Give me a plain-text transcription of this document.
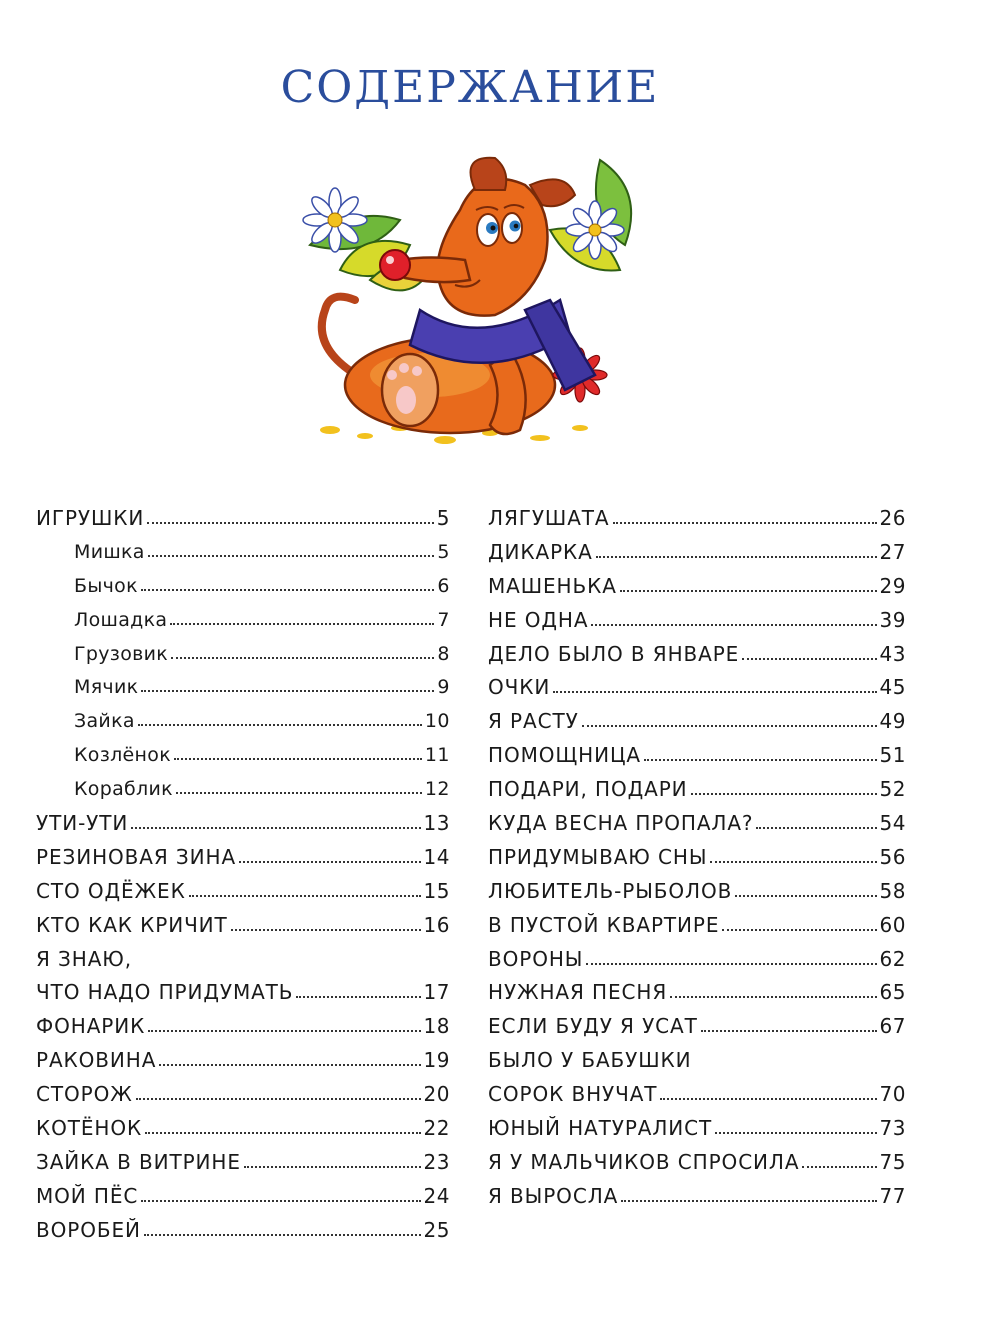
СОДЕРЖАНИЕ
ИГРУШКИ	5
Мишка	5
Бычок	6
Лошадка	7
Грузовик	8
Мячик	9
Зайка	10
Козлёнок	11
Кораблик	12
УТИ-УТИ	13
РЕЗИНОВАЯ ЗИНА	14
СТО ОДЁЖЕК	15
КТО КАК КРИЧИТ	16
Я ЗНАЮ,
ЧТО НАДО ПРИДУМАТЬ	17
ФОНАРИК	18
РАКОВИНА	19
СТОРОЖ	20
КОТЁНОК	22
ЗАЙКА В ВИТРИНЕ	23
МОЙ ПЁС	24
ВОРОБЕЙ	25
ЛЯГУШАТА	26
ДИКАРКА	27
МАШЕНЬКА	29
НЕ ОДНА	39
ДЕЛО БЫЛО В ЯНВАРЕ	43
ОЧКИ	45
Я РАСТУ	49
ПОМОЩНИЦА	51
ПОДАРИ, ПОДАРИ	52
КУДА ВЕСНА ПРОПАЛА?	54
ПРИДУМЫВАЮ СНЫ	56
ЛЮБИТЕЛЬ-РЫБОЛОВ	58
В ПУСТОЙ КВАРТИРЕ	60
ВОРОНЫ	62
НУЖНАЯ ПЕСНЯ	65
ЕСЛИ БУДУ Я УСАТ	67
БЫЛО У БАБУШКИ
СОРОК ВНУЧАТ	70
ЮНЫЙ НАТУРАЛИСТ	73
Я У МАЛЬЧИКОВ СПРОСИЛА	75
Я ВЫРОСЛА	77
